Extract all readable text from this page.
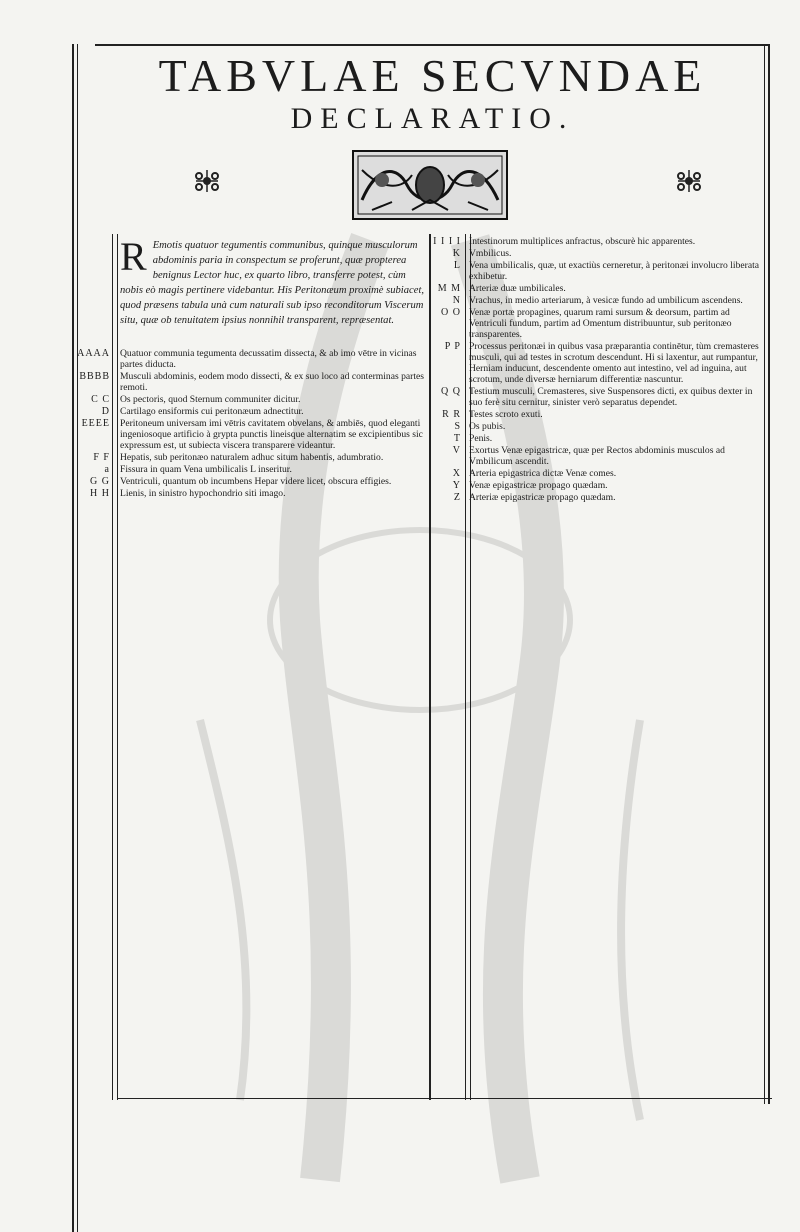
TABVLAE SECVNDAE
DECLARATIO.
R Emotis quatuor tegumentis communibus, quinque musculorum abdominis paria in conspectum se proferunt, quæ propterea benignus Lector huc, ex quarto libro, transferre potest, cùm nobis eò magis pertinere videbantur. His Peritonæum proximè subiacet, quod præsens tabula unà cum naturali sub ipso reconditorum Viscerum situ, quæ ob tenuitatem ipsius nonnihil transparent, repræsentat.
AAAA Quatuor communia tegumenta decussatim dissecta, & ab imo vētre in vicinas partes diducta.
BBBB Musculi abdominis, eodem modo dissecti, & ex suo loco ad conterminas partes remoti.
C C Os pectoris, quod Sternum communiter dicitur.
D Cartilago ensiformis cui peritonæum adnectitur.
EEEE Peritoneum universam imi vētris cavitatem obvelans, & ambiēs, quod eleganti ingeniosoque artificio à grypta punctis lineisque alternatim se excipientibus sic expressum est, ut subiecta viscera transparere videantur.
F F Hepatis, sub peritonæo naturalem adhuc situm habentis, adumbratio.
a Fissura in quam Vena umbilicalis L inseritur.
G G Ventriculi, quantum ob incumbens Hepar videre licet, obscura effigies.
H H Lienis, in sinistro hypochondrio siti imago.
I I I I Intestinorum multiplices anfractus, obscurè hic apparentes.
K Vmbilicus.
L Vena umbilicalis, quæ, ut exactiùs cerneretur, à peritonæi involucro liberata exhibetur.
M M Arteriæ duæ umbilicales.
N Vrachus, in medio arteriarum, à vesicæ fundo ad umbilicum ascendens.
O O Venæ portæ propagines, quarum rami sursum & deorsum, partim ad Ventriculi fundum, partim ad Omentum distribuuntur, sub peritonæo transparentes.
P P Processus peritonæi in quibus vasa præparantia continētur, tùm cremasteres musculi, qui ad testes in scrotum descendunt. Hi si laxentur, aut rumpantur, Herniam inducunt, descendente omento aut intestino, vel ad inguina, aut scrotum, unde diversæ herniarum differentiæ nascuntur.
Q Q Testium musculi, Cremasteres, sive Suspensores dicti, ex quibus dexter in suo ferè situ cernitur, sinister verò separatus dependet.
R R Testes scroto exuti.
S Os pubis.
T Penis.
V Exortus Venæ epigastricæ, quæ per Rectos abdominis musculos ad Vmbilicum ascendit.
X Arteria epigastrica dictæ Venæ comes.
Y Venæ epigastricæ propago quædam.
Z Arteriæ epigastricæ propago quædam.
